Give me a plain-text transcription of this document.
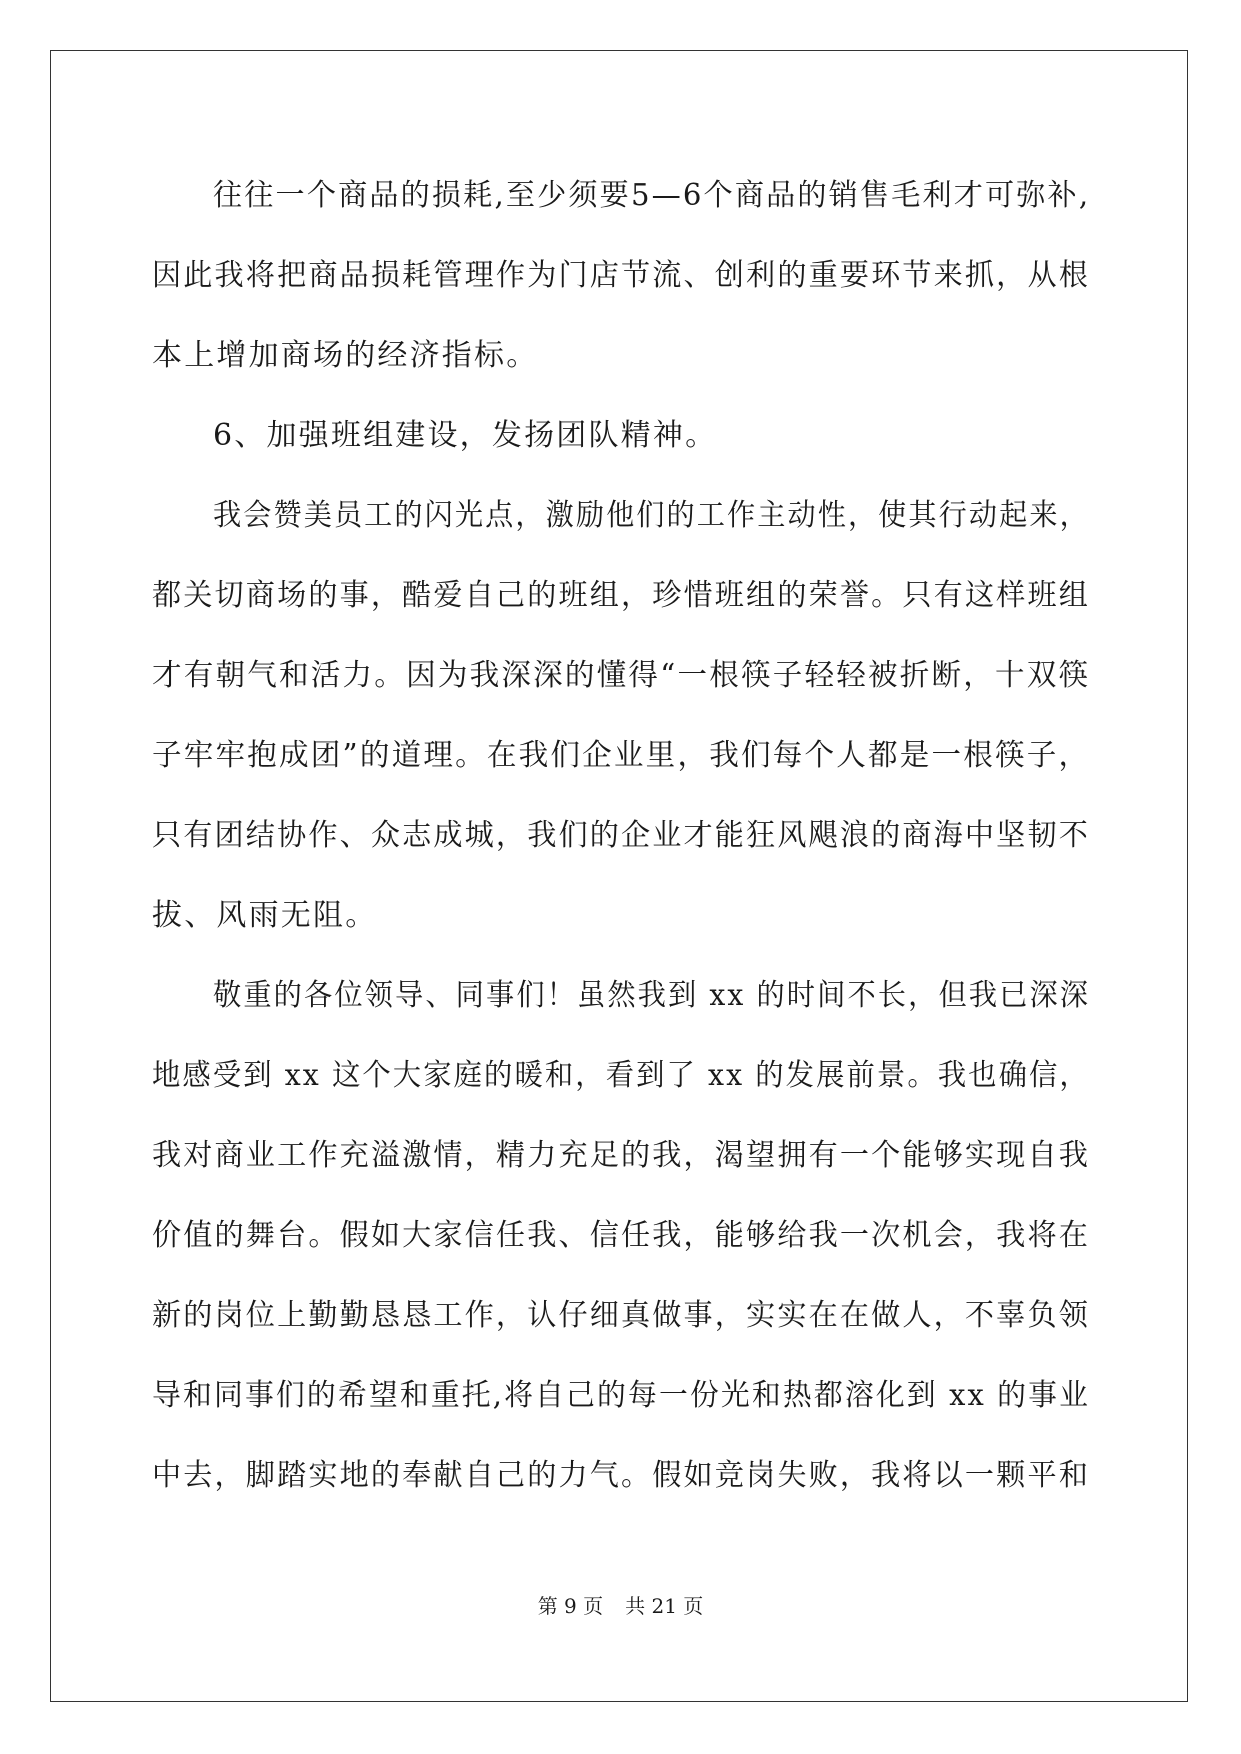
往往一个商品的损耗,至少须要5—6个商品的销售毛利才可弥补,
因此我将把商品损耗管理作为门店节流、创利的重要环节来抓，从根
本上增加商场的经济指标。
6、加强班组建设，发扬团队精神。
我会赞美员工的闪光点，激励他们的工作主动性，使其行动起来，
都关切商场的事，酷爱自己的班组，珍惜班组的荣誉。只有这样班组
才有朝气和活力。因为我深深的懂得“一根筷子轻轻被折断，十双筷
子牢牢抱成团”的道理。在我们企业里，我们每个人都是一根筷子，
只有团结协作、众志成城，我们的企业才能狂风飓浪的商海中坚韧不
拔、风雨无阻。
敬重的各位领导、同事们！虽然我到 xx 的时间不长，但我已深深
地感受到 xx 这个大家庭的暖和，看到了 xx 的发展前景。我也确信，
我对商业工作充溢激情，精力充足的我，渴望拥有一个能够实现自我
价值的舞台。假如大家信任我、信任我，能够给我一次机会，我将在
新的岗位上勤勤恳恳工作，认仔细真做事，实实在在做人，不辜负领
导和同事们的希望和重托,将自己的每一份光和热都溶化到 xx 的事业
中去，脚踏实地的奉献自己的力气。假如竞岗失败，我将以一颗平和
第 9 页 共 21 页
